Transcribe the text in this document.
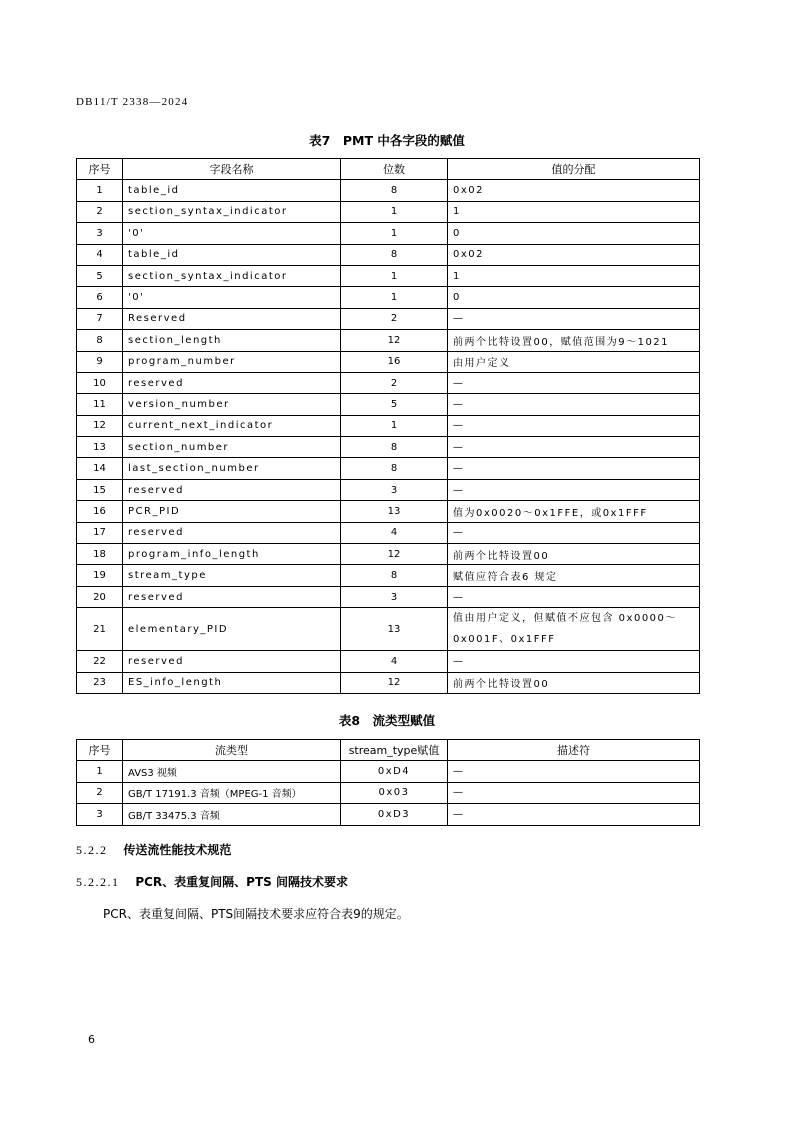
DB11/T 2338—2024
表7　PMT 中各字段的赋值
序号	字段名称	位数	值的分配
1	table_id	8	0x02
2	section_syntax_indicator	1	1
3	'0'	1	0
4	table_id	8	0x02
5	section_syntax_indicator	1	1
6	'0'	1	0
7	Reserved	2	—
8	section_length	12	前两个比特设置00，赋值范围为9～1021
9	program_number	16	由用户定义
10	reserved	2	—
11	version_number	5	—
12	current_next_indicator	1	—
13	section_number	8	—
14	last_section_number	8	—
15	reserved	3	—
16	PCR_PID	13	值为0x0020～0x1FFE，或0x1FFF
17	reserved	4	—
18	program_info_length	12	前两个比特设置00
19	stream_type	8	赋值应符合表6 规定
20	reserved	3	—
21	elementary_PID	13	值由用户定义，但赋值不应包含 0x0000～0x001F、0x1FFF
22	reserved	4	—
23	ES_info_length	12	前两个比特设置00
表8　流类型赋值
序号	流类型	stream_type赋值	描述符
1	AVS3 视频	0xD4	—
2	GB/T 17191.3 音频（MPEG-1 音频）	0x03	—
3	GB/T 33475.3 音频	0xD3	—
5.2.2 传送流性能技术规范
5.2.2.1 PCR、表重复间隔、PTS 间隔技术要求
PCR、表重复间隔、PTS间隔技术要求应符合表9的规定。
6
